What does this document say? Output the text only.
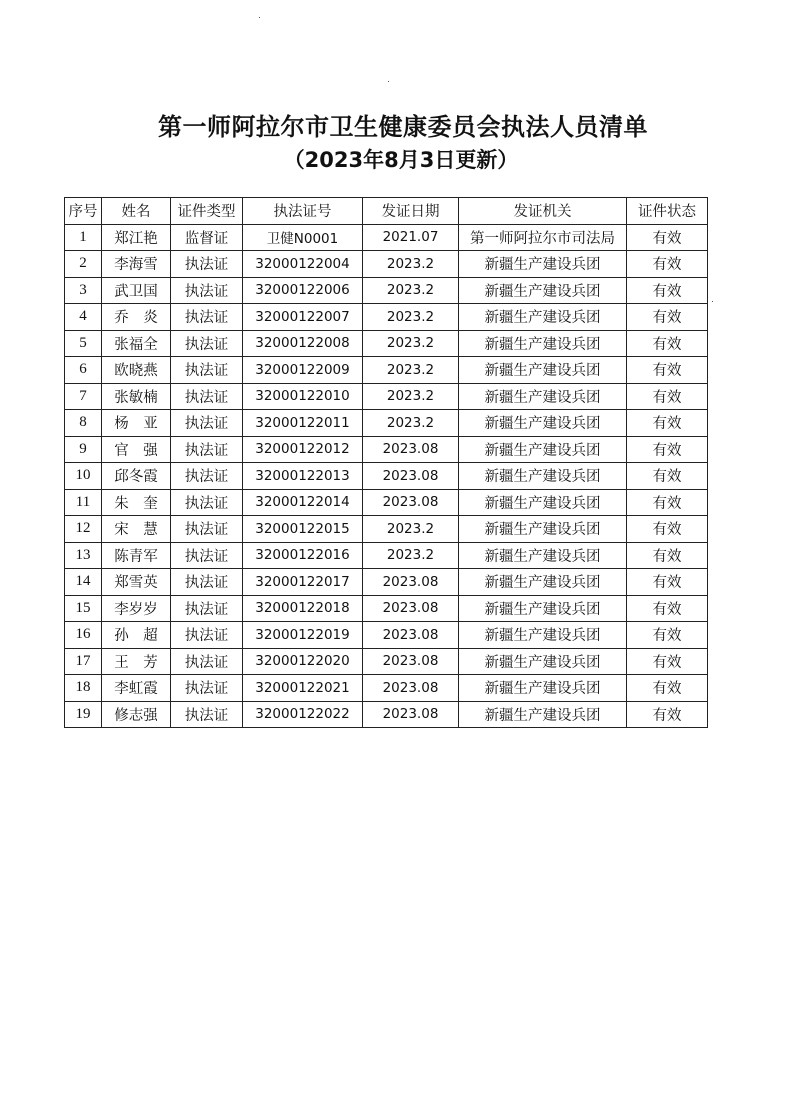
第一师阿拉尔市卫生健康委员会执法人员清单
（2023年8月3日更新）
序号	姓名	证件类型	执法证号	发证日期	发证机关	证件状态
1	郑江艳	监督证	卫健N0001	2021.07	第一师阿拉尔市司法局	有效
2	李海雪	执法证	32000122004	2023.2	新疆生产建设兵团	有效
3	武卫国	执法证	32000122006	2023.2	新疆生产建设兵团	有效
4	乔　炎	执法证	32000122007	2023.2	新疆生产建设兵团	有效
5	张福全	执法证	32000122008	2023.2	新疆生产建设兵团	有效
6	欧晓燕	执法证	32000122009	2023.2	新疆生产建设兵团	有效
7	张敏楠	执法证	32000122010	2023.2	新疆生产建设兵团	有效
8	杨　亚	执法证	32000122011	2023.2	新疆生产建设兵团	有效
9	官　强	执法证	32000122012	2023.08	新疆生产建设兵团	有效
10	邱冬霞	执法证	32000122013	2023.08	新疆生产建设兵团	有效
11	朱　奎	执法证	32000122014	2023.08	新疆生产建设兵团	有效
12	宋　慧	执法证	32000122015	2023.2	新疆生产建设兵团	有效
13	陈青军	执法证	32000122016	2023.2	新疆生产建设兵团	有效
14	郑雪英	执法证	32000122017	2023.08	新疆生产建设兵团	有效
15	李岁岁	执法证	32000122018	2023.08	新疆生产建设兵团	有效
16	孙　超	执法证	32000122019	2023.08	新疆生产建设兵团	有效
17	王　芳	执法证	32000122020	2023.08	新疆生产建设兵团	有效
18	李虹霞	执法证	32000122021	2023.08	新疆生产建设兵团	有效
19	修志强	执法证	32000122022	2023.08	新疆生产建设兵团	有效
